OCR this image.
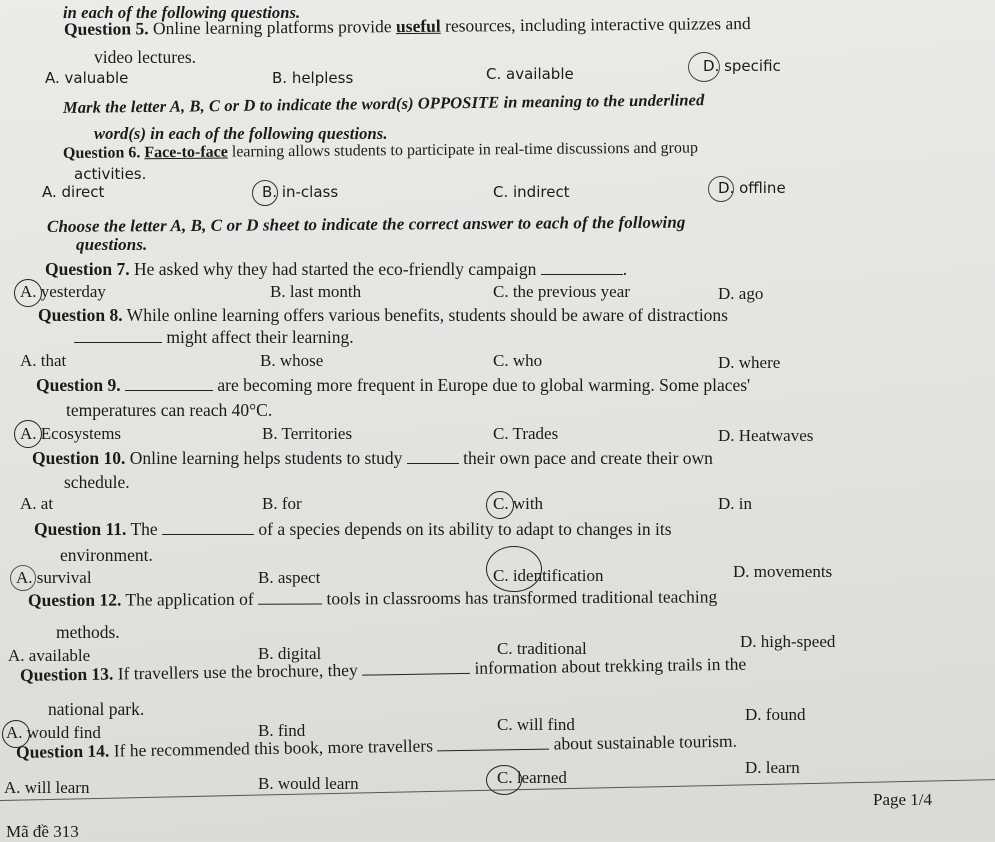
in each of the following questions.
Question 5. Online learning platforms provide useful resources, including interactive quizzes and
video lectures.
A. valuable	B. helpless	C. available	D. specific
Mark the letter A, B, C or D to indicate the word(s) OPPOSITE in meaning to the underlined
word(s) in each of the following questions.
Question 6. Face-to-face learning allows students to participate in real-time discussions and group
activities.
A. direct	B. in-class	C. indirect	D. offline
Choose the letter A, B, C or D sheet to indicate the correct answer to each of the following
questions.
Question 7. He asked why they had started the eco-friendly campaign	.
A. yesterday	B. last month	C. the previous year	D. ago
Question 8. While online learning offers various benefits, students should be aware of distractions
might affect their learning.
A. that	B. whose	C. who	D. where
Question 9.	are becoming more frequent in Europe due to global warming. Some places'
temperatures can reach 40°C.
A. Ecosystems	B. Territories	C. Trades	D. Heatwaves
Question 10. Online learning helps students to study	their own pace and create their own
schedule.
A. at	B. for	C. with	D. in
Question 11. The	of a species depends on its ability to adapt to changes in its
environment.
A. survival	B. aspect	C. identification	D. movements
Question 12. The application of	tools in classrooms has transformed traditional teaching
methods.
A. available	B. digital	C. traditional	D. high-speed
Question 13. If travellers use the brochure, they	information about trekking trails in the
national park.
A. would find	B. find	C. will find
D. found
Question 14. If he recommended this book, more travellers	about sustainable tourism.
A. will learn	B. would learn	C. learned
D. learn
Page 1/4
Mã đề 313
